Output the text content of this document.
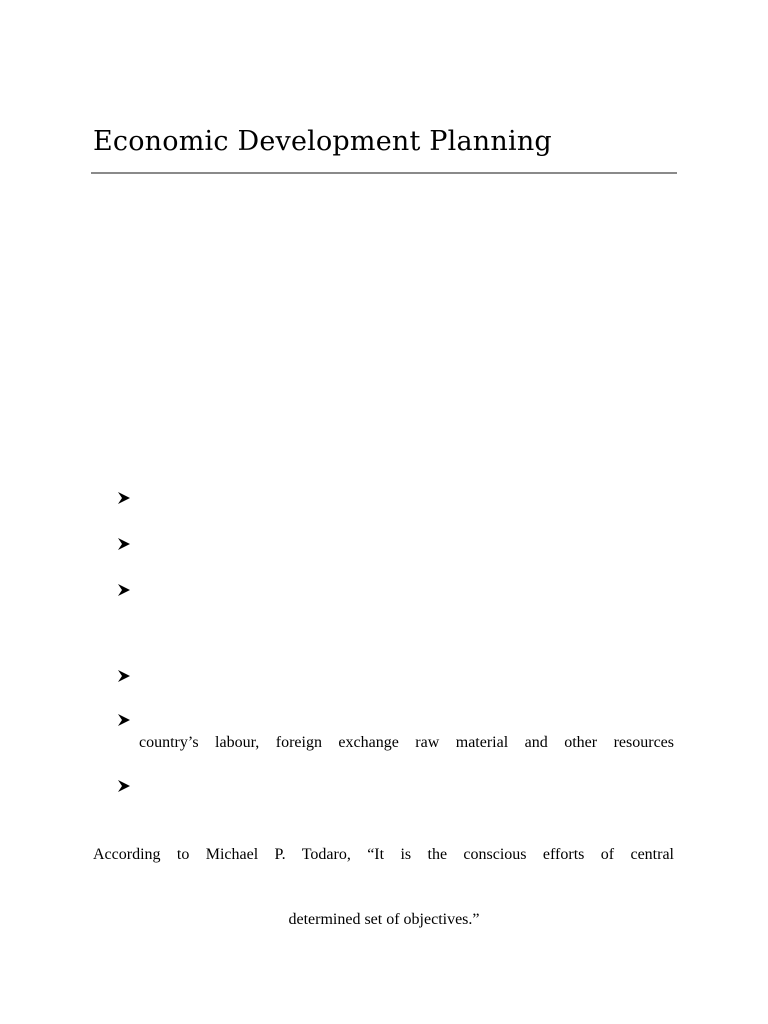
Economic Development Planning
country’s labour, foreign exchange raw material and other resources
According to Michael P. Todaro, “It is the conscious efforts of central
determined set of objectives.”
